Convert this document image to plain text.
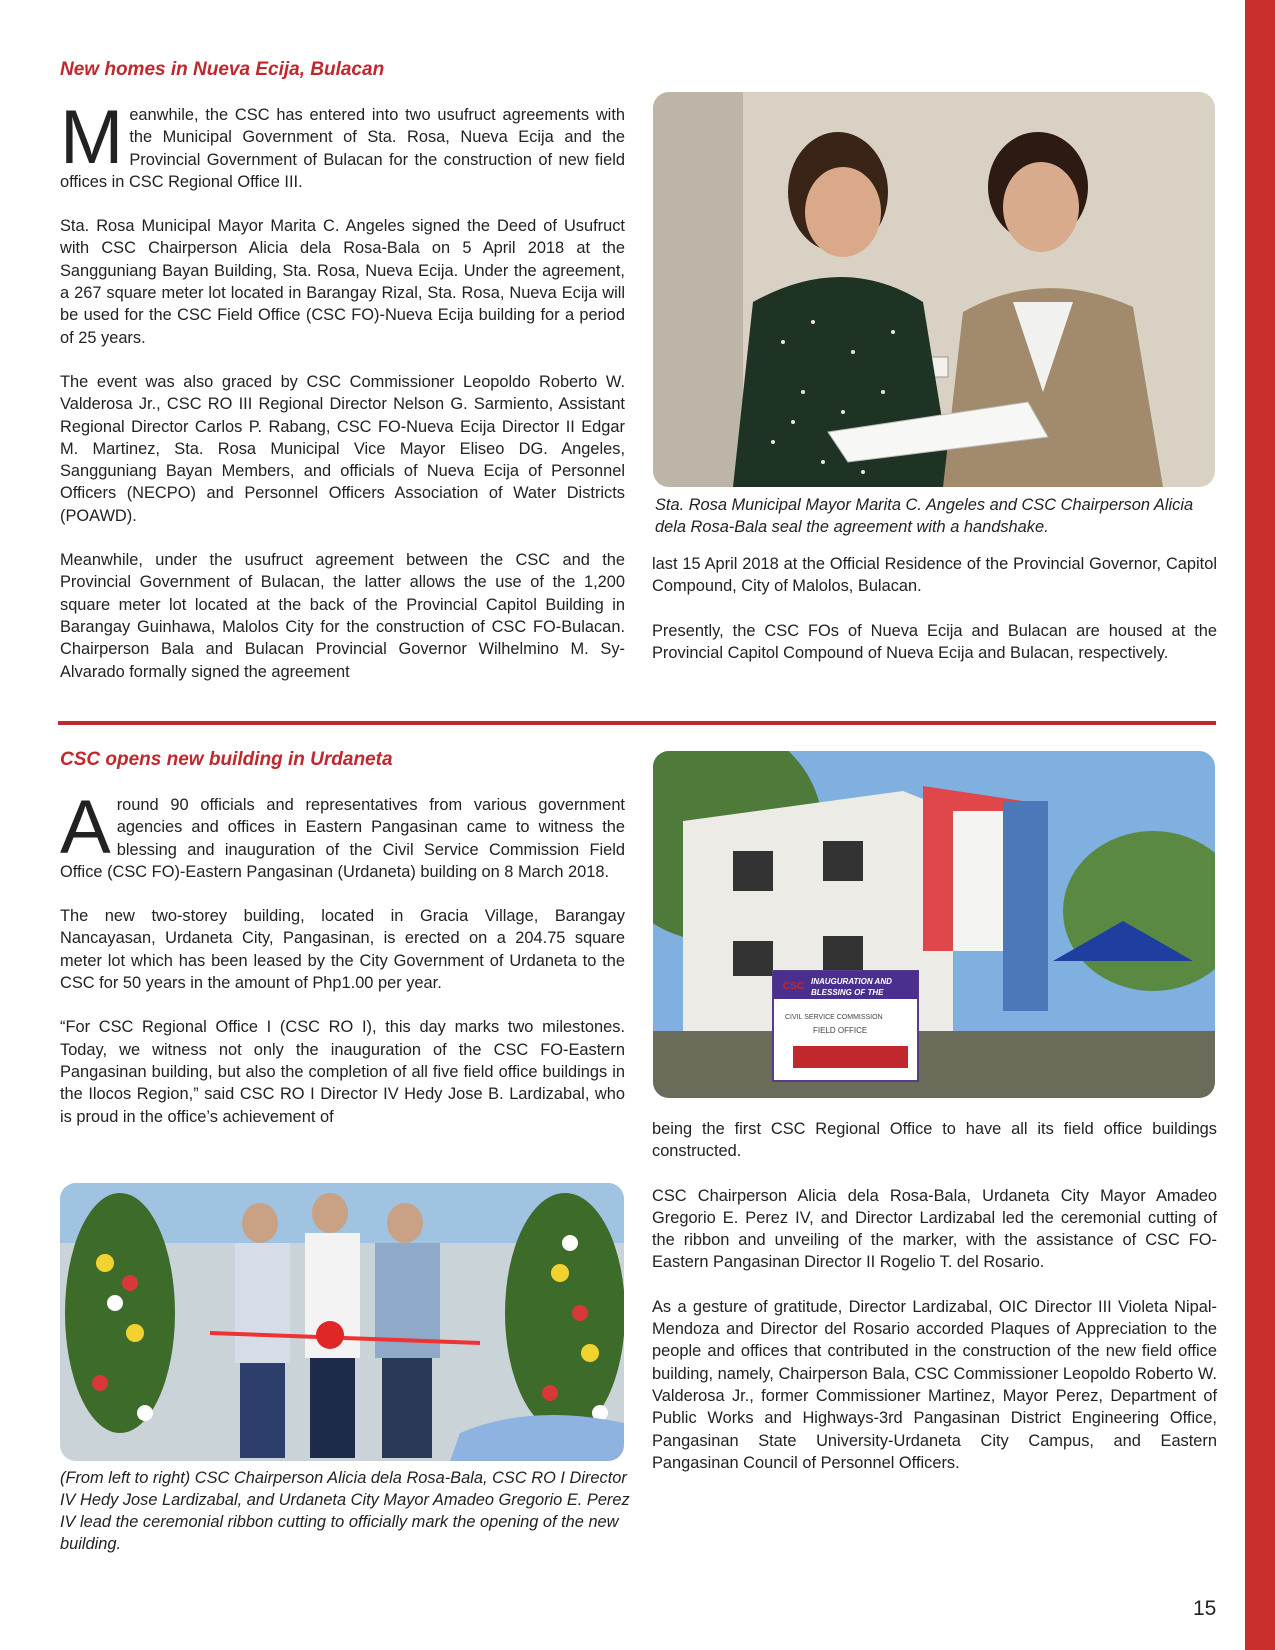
New homes in Nueva Ecija, Bulacan

Meanwhile, the CSC has entered into two usufruct agreements with the Municipal Government of Sta. Rosa, Nueva Ecija and the Provincial Government of Bulacan for the construction of new field offices in CSC Regional Office III.

Sta. Rosa Municipal Mayor Marita C. Angeles signed the Deed of Usufruct with CSC Chairperson Alicia dela Rosa-Bala on 5 April 2018 at the Sangguniang Bayan Building, Sta. Rosa, Nueva Ecija. Under the agreement, a 267 square meter lot located in Barangay Rizal, Sta. Rosa, Nueva Ecija will be used for the CSC Field Office (CSC FO)-Nueva Ecija building for a period of 25 years.

The event was also graced by CSC Commissioner Leopoldo Roberto W. Valderosa Jr., CSC RO III Regional Director Nelson G. Sarmiento, Assistant Regional Director Carlos P. Rabang, CSC FO-Nueva Ecija Director II Edgar M. Martinez, Sta. Rosa Municipal Vice Mayor Eliseo DG. Angeles, Sangguniang Bayan Members, and officials of Nueva Ecija of Personnel Officers (NECPO) and Personnel Officers Association of Water Districts (POAWD).

Meanwhile, under the usufruct agreement between the CSC and the Provincial Government of Bulacan, the latter allows the use of the 1,200 square meter lot located at the back of the Provincial Capitol Building in Barangay Guinhawa, Malolos City for the construction of CSC FO-Bulacan. Chairperson Bala and Bulacan Provincial Governor Wilhelmino M. Sy-Alvarado formally signed the agreement

Sta. Rosa Municipal Mayor Marita C. Angeles and CSC Chairperson Alicia dela Rosa-Bala seal the agreement with a handshake.

last 15 April 2018 at the Official Residence of the Provincial Governor, Capitol Compound, City of Malolos, Bulacan.

Presently, the CSC FOs of Nueva Ecija and Bulacan are housed at the Provincial Capitol Compound of Nueva Ecija and Bulacan, respectively.

CSC opens new building in Urdaneta

Around 90 officials and representatives from various government agencies and offices in Eastern Pangasinan came to witness the blessing and inauguration of the Civil Service Commission Field Office (CSC FO)-Eastern Pangasinan (Urdaneta) building on 8 March 2018.

The new two-storey building, located in Gracia Village, Barangay Nancayasan, Urdaneta City, Pangasinan, is erected on a 204.75 square meter lot which has been leased by the City Government of Urdaneta to the CSC for 50 years in the amount of Php1.00 per year.

“For CSC Regional Office I (CSC RO I), this day marks two milestones. Today, we witness not only the inauguration of the CSC FO-Eastern Pangasinan building, but also the completion of all five field office buildings in the Ilocos Region,” said CSC RO I Director IV Hedy Jose B. Lardizabal, who is proud in the office’s achievement of

CSC INAUGURATION AND
BLESSING OF THE
CIVIL SERVICE COMMISSION
FIELD OFFICE

being the first CSC Regional Office to have all its field office buildings constructed.

CSC Chairperson Alicia dela Rosa-Bala, Urdaneta City Mayor Amadeo Gregorio E. Perez IV, and Director Lardizabal led the ceremonial cutting of the ribbon and unveiling of the marker, with the assistance of CSC FO-Eastern Pangasinan Director II Rogelio T. del Rosario.

As a gesture of gratitude, Director Lardizabal, OIC Director III Violeta Nipal-Mendoza and Director del Rosario accorded Plaques of Appreciation to the people and offices that contributed in the construction of the new field office building, namely, Chairperson Bala, CSC Commissioner Leopoldo Roberto W. Valderosa Jr., former Commissioner Martinez, Mayor Perez, Department of Public Works and Highways-3rd Pangasinan District Engineering Office, Pangasinan State University-Urdaneta City Campus, and Eastern Pangasinan Council of Personnel Officers.

(From left to right) CSC Chairperson Alicia dela Rosa-Bala, CSC RO I Director IV Hedy Jose Lardizabal, and Urdaneta City Mayor Amadeo Gregorio E. Perez IV lead the ceremonial ribbon cutting to officially mark the opening of the new building.

15
